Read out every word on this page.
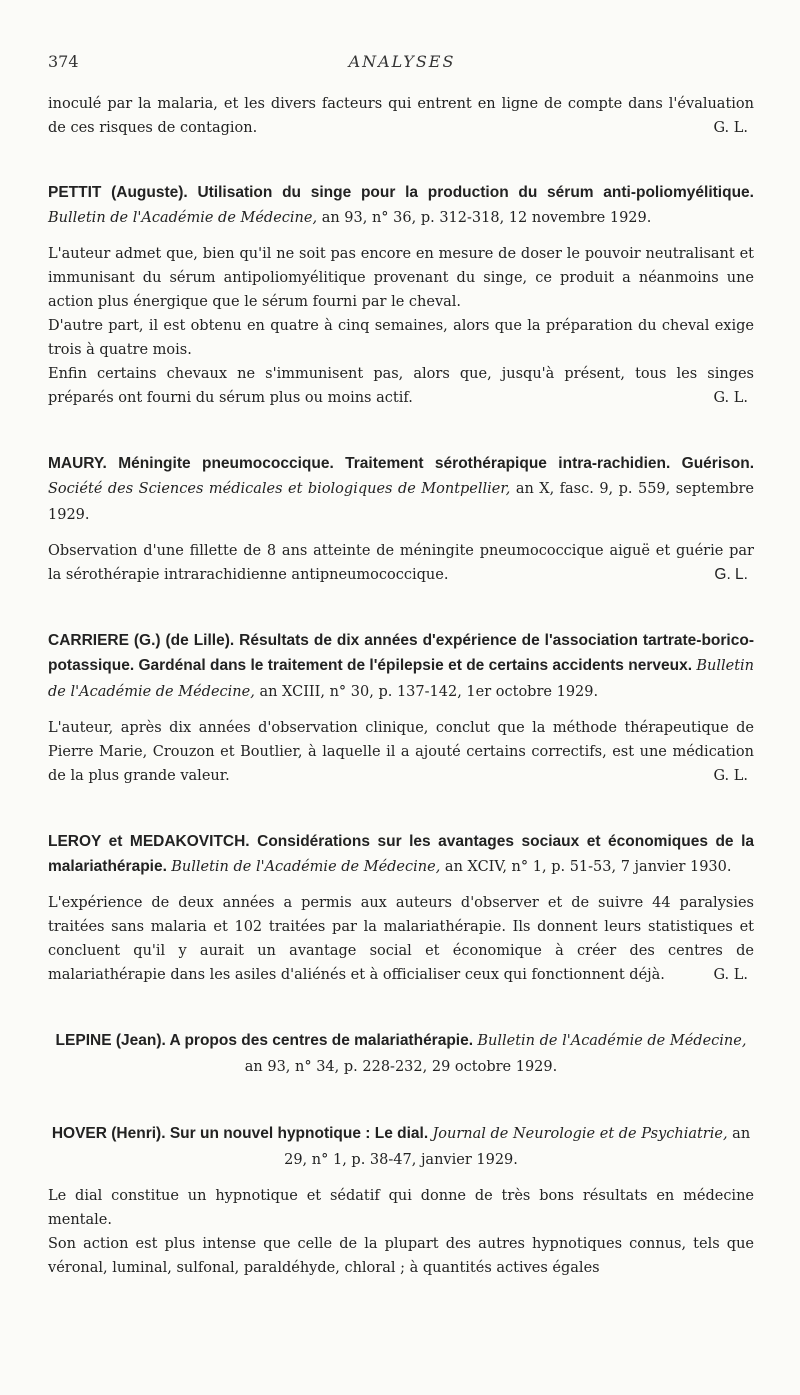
374	ANALYSES

inoculé par la malaria, et les divers facteurs qui entrent en ligne de compte dans l'évaluation de ces risques de contagion.	G. L.

PETTIT (Auguste). Utilisation du singe pour la production du sérum anti-poliomyélitique. Bulletin de l'Académie de Médecine, an 93, n° 36, p. 312-318, 12 novembre 1929.

L'auteur admet que, bien qu'il ne soit pas encore en mesure de doser le pouvoir neutralisant et immunisant du sérum antipoliomyélitique provenant du singe, ce produit a néanmoins une action plus énergique que le sérum fourni par le cheval.

D'autre part, il est obtenu en quatre à cinq semaines, alors que la préparation du cheval exige trois à quatre mois.

Enfin certains chevaux ne s'immunisent pas, alors que, jusqu'à présent, tous les singes préparés ont fourni du sérum plus ou moins actif.	G. L.

MAURY. Méningite pneumococcique. Traitement sérothérapique intra-rachidien. Guérison. Société des Sciences médicales et biologiques de Montpellier, an X, fasc. 9, p. 559, septembre 1929.

Observation d'une fillette de 8 ans atteinte de méningite pneumococcique aiguë et guérie par la sérothérapie intrarachidienne antipneumococcique.	G. L.

CARRIERE (G.) (de Lille). Résultats de dix années d'expérience de l'association tartrate-borico-potassique. Gardénal dans le traitement de l'épilepsie et de certains accidents nerveux. Bulletin de l'Académie de Médecine, an XCIII, n° 30, p. 137-142, 1er octobre 1929.

L'auteur, après dix années d'observation clinique, conclut que la méthode thérapeutique de Pierre Marie, Crouzon et Boutlier, à laquelle il a ajouté certains correctifs, est une médication de la plus grande valeur.	G. L.

LEROY et MEDAKOVITCH. Considérations sur les avantages sociaux et économiques de la malariathérapie. Bulletin de l'Académie de Médecine, an XCIV, n° 1, p. 51-53, 7 janvier 1930.

L'expérience de deux années a permis aux auteurs d'observer et de suivre 44 paralysies traitées sans malaria et 102 traitées par la malariathérapie. Ils donnent leurs statistiques et concluent qu'il y aurait un avantage social et économique à créer des centres de malariathérapie dans les asiles d'aliénés et à officialiser ceux qui fonctionnent déjà.	G. L.

LEPINE (Jean). A propos des centres de malariathérapie. Bulletin de l'Académie de Médecine, an 93, n° 34, p. 228-232, 29 octobre 1929.
HOVER (Henri). Sur un nouvel hypnotique : Le dial. Journal de Neurologie et de Psychiatrie, an 29, n° 1, p. 38-47, janvier 1929.

Le dial constitue un hypnotique et sédatif qui donne de très bons résultats en médecine mentale.

Son action est plus intense que celle de la plupart des autres hypnotiques connus, tels que véronal, luminal, sulfonal, paraldéhyde, chloral ; à quantités actives égales
